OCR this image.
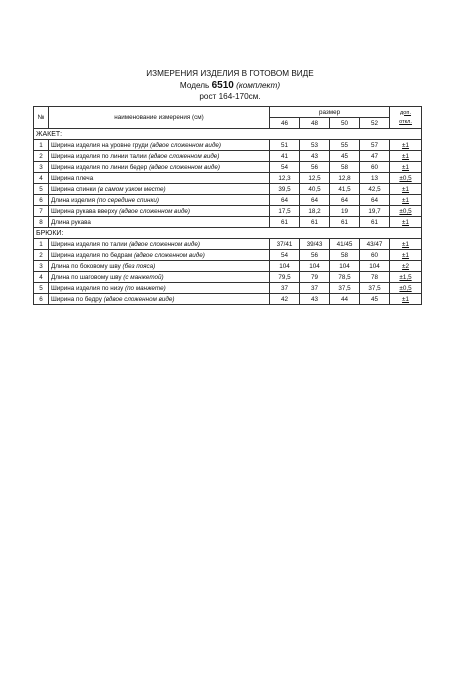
ИЗМЕРЕНИЯ ИЗДЕЛИЯ В ГОТОВОМ ВИДЕ
Модель 6510 (комплект)
рост 164-170см.
№	наименование измерения (см)	размер				доп.
откл.

		46	48	50	52	
ЖАКЕТ:						
1	Ширина изделия на уровне груди (вдвое сложенном виде)	51	53	55	57	±1
2	Ширина изделия по линии талии (вдвое сложенном виде)	41	43	45	47	±1
3	Ширина изделия по линии бедер (вдвое сложенном виде)	54	56	58	60	±1
4	Ширина плеча	12,3	12,5	12,8	13	±0,5
5	Ширина спинки (в самом узком месте)	39,5	40,5	41,5	42,5	±1
6	Длина изделия (по середине спинки)	64	64	64	64	±1
7	Ширина рукава вверху (вдвое сложенном виде)	17,5	18,2	19	19,7	±0,5
8	Длина рукава	61	61	61	61	±1
БРЮКИ:						
1	Ширина изделия по талии (вдвое сложенном виде)	37/41	39/43	41/45	43/47	±1
2	Ширина изделия по бедрам (вдвое сложенном виде)	54	56	58	60	±1
3	Длина по боковому шву (без пояса)	104	104	104	104	±2
4	Длина по шаговому шву (с манжетой)	79,5	79	78,5	78	±1,5
5	Ширина изделия по низу (по манжете)	37	37	37,5	37,5	±0,5
6	Ширина по бедру (вдвое сложенном виде)	42	43	44	45	±1
